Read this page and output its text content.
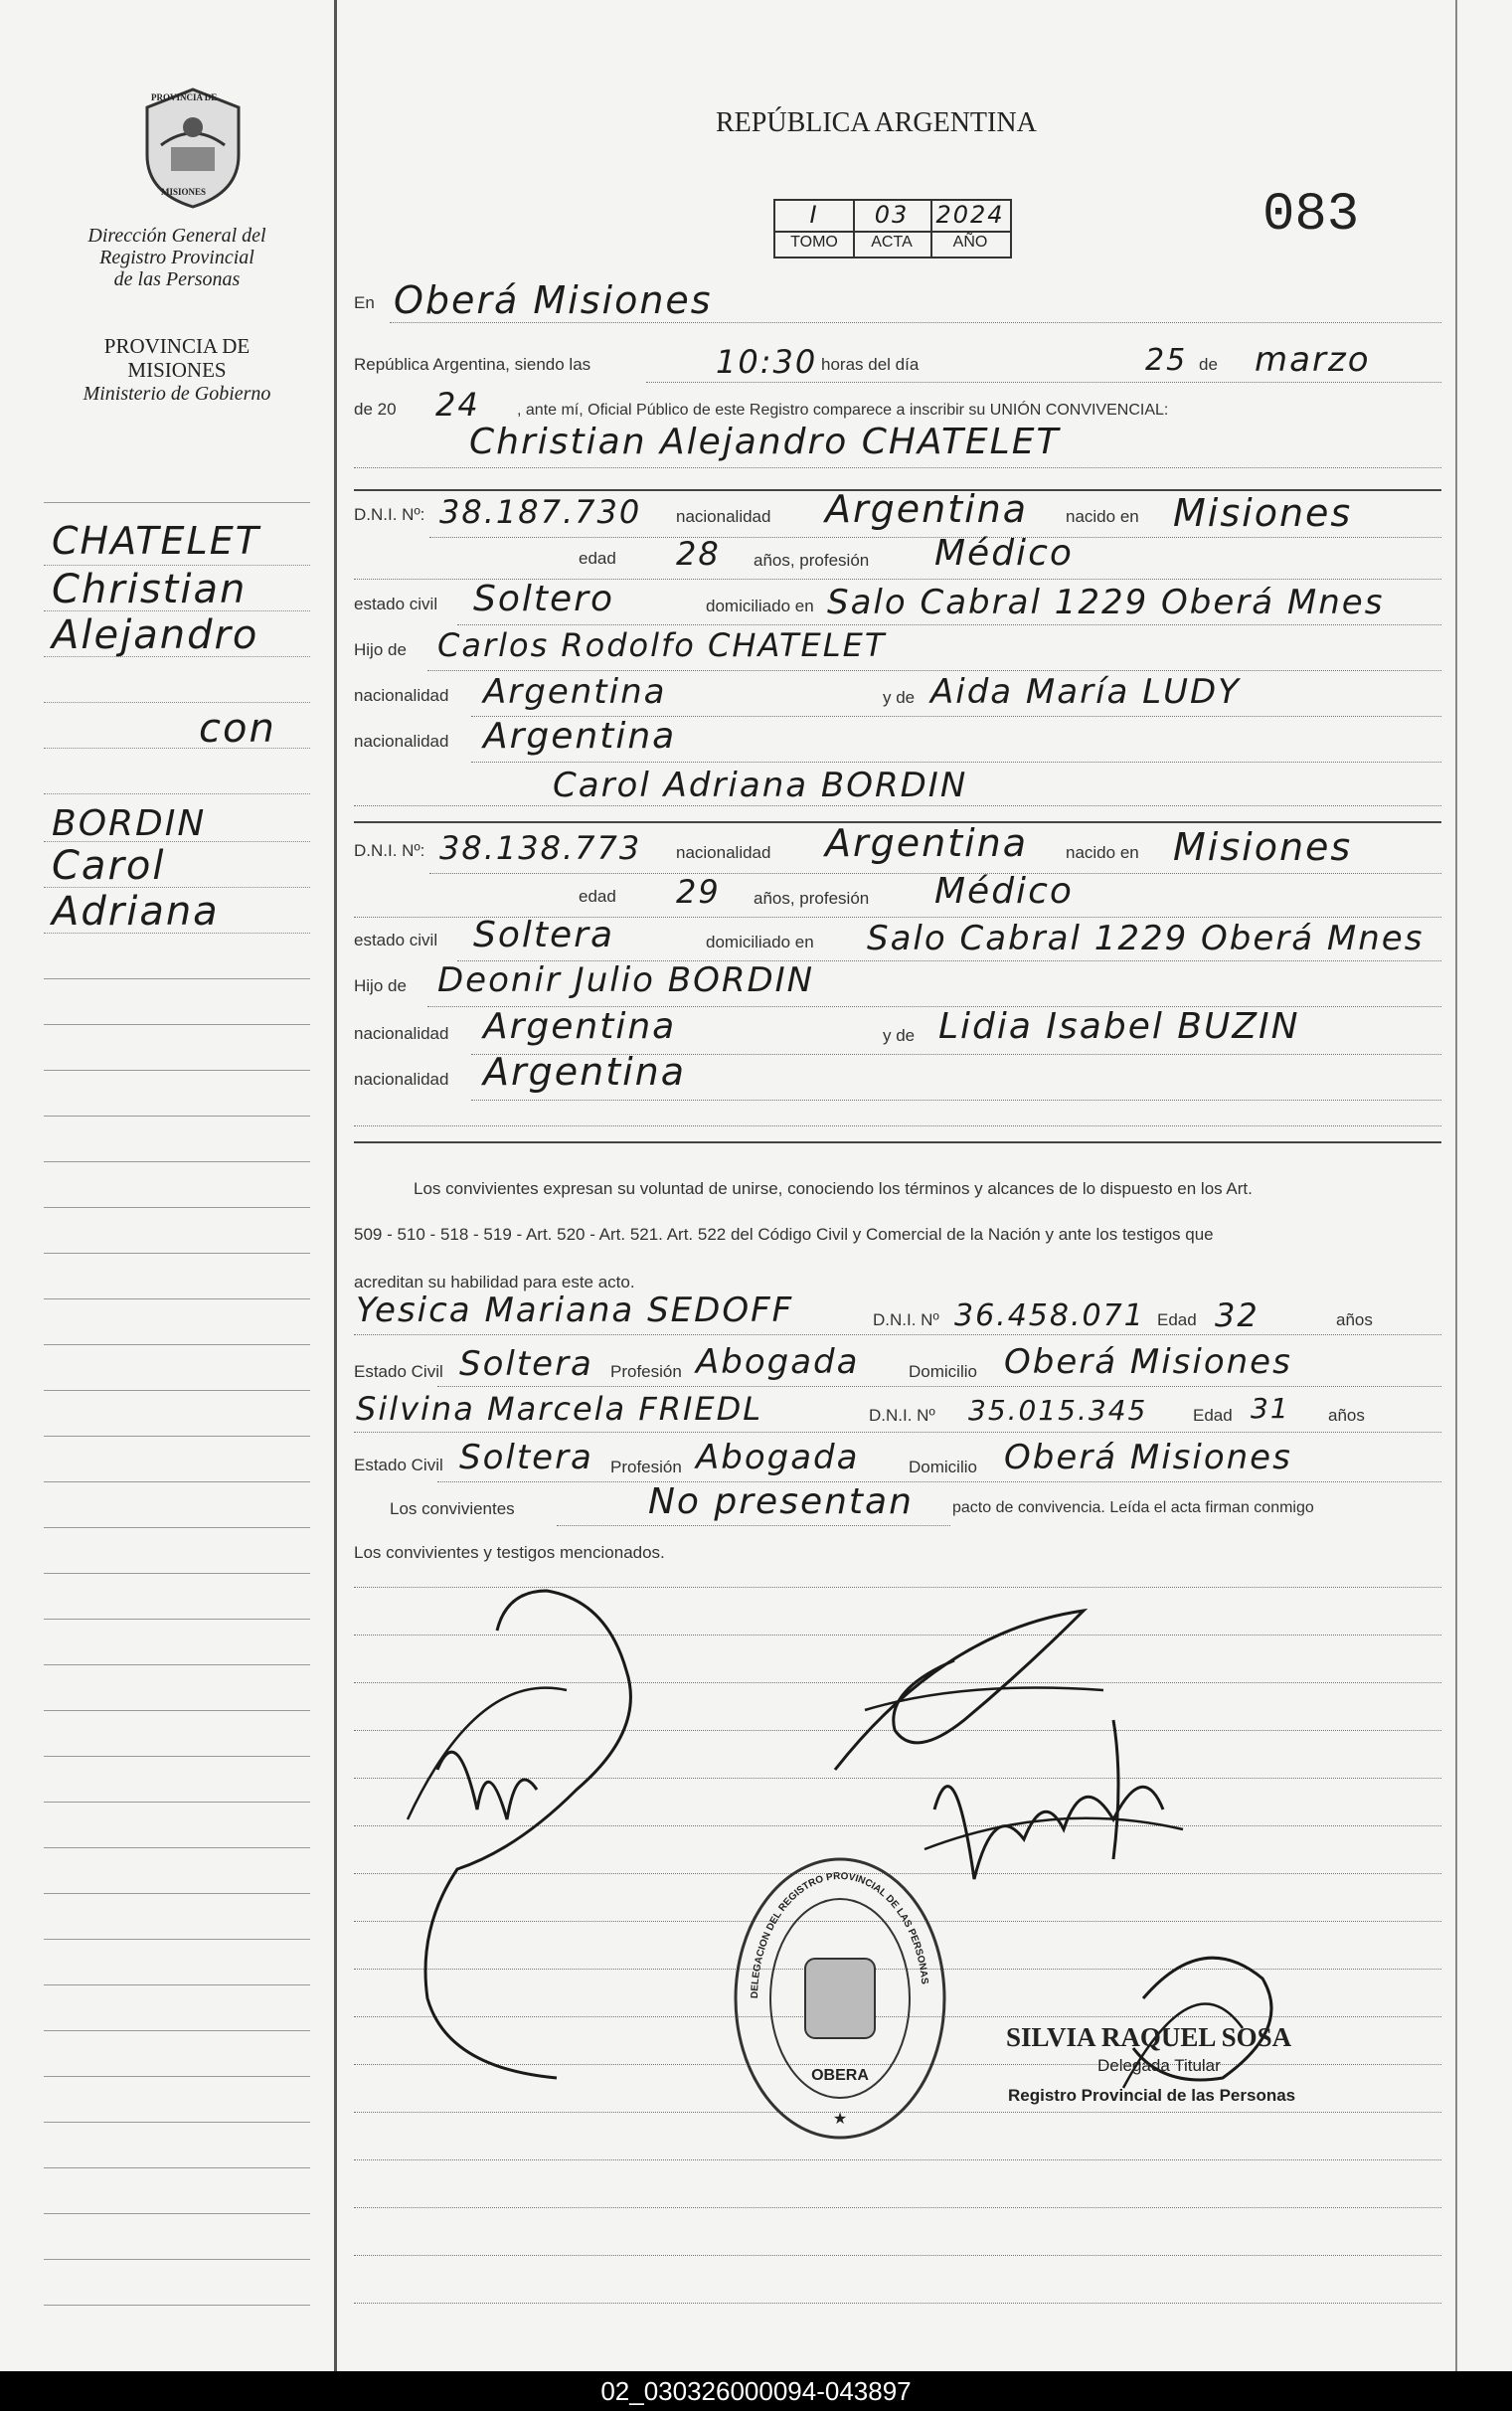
PROVINCIA DE
MISIONES
Dirección General del
Registro Provincial
de las Personas
PROVINCIA DE
MISIONES
Ministerio de Gobierno
CHATELET
Christian
Alejandro
con
BORDIN
Carol
Adriana
REPÚBLICA ARGENTINA
083
I	03	2024
TOMO	ACTA	AÑO
En Oberá Misiones
República Argentina, siendo las	10:30 horas del día	25 de marzo
de 20 24 , ante mí, Oficial Público de este Registro comparece a inscribir su UNIÓN CONVIVENCIAL:
Christian Alejandro CHATELET
D.N.I. Nº: 38.187.730 nacionalidad Argentina nacido en Misiones
edad 28 años, profesión Médico
estado civil Soltero	domiciliado en Salo Cabral 1229 Oberá Mnes
Hijo de Carlos Rodolfo CHATELET
nacionalidad Argentina	y de Aida María LUDY
nacionalidad Argentina
Carol Adriana BORDIN
D.N.I. Nº: 38.138.773 nacionalidad Argentina nacido en Misiones
edad 29 años, profesión Médico
estado civil Soltera	domiciliado en Salo Cabral 1229 Oberá Mnes
Hijo de Deonir Julio BORDIN
nacionalidad Argentina	y de Lidia Isabel BUZIN
nacionalidad Argentina
Los convivientes expresan su voluntad de unirse, conociendo los términos y alcances de lo dispuesto en los Art.
509 - 510 - 518 - 519 - Art. 520 - Art. 521. Art. 522 del Código Civil y Comercial de la Nación y ante los testigos que
acreditan su habilidad para este acto.
Yesica Mariana SEDOFF	D.N.I. Nº 36.458.071 Edad 32	años
Estado Civil Soltera Profesión Abogada	Domicilio Oberá Misiones
Silvina Marcela FRIEDL	D.N.I. Nº 35.015.345	Edad 31 años
Estado Civil Soltera Profesión Abogada	Domicilio Oberá Misiones
Los convivientes	No presentan pacto de convivencia. Leída el acta firman conmigo
Los convivientes y testigos mencionados.
OBERA
★
DELEGACION DEL REGISTRO PROVINCIAL DE LAS PERSONAS
SILVIA RAQUEL SOSA
Delegada Titular
Registro Provincial de las Personas
02_030326000094-043897
